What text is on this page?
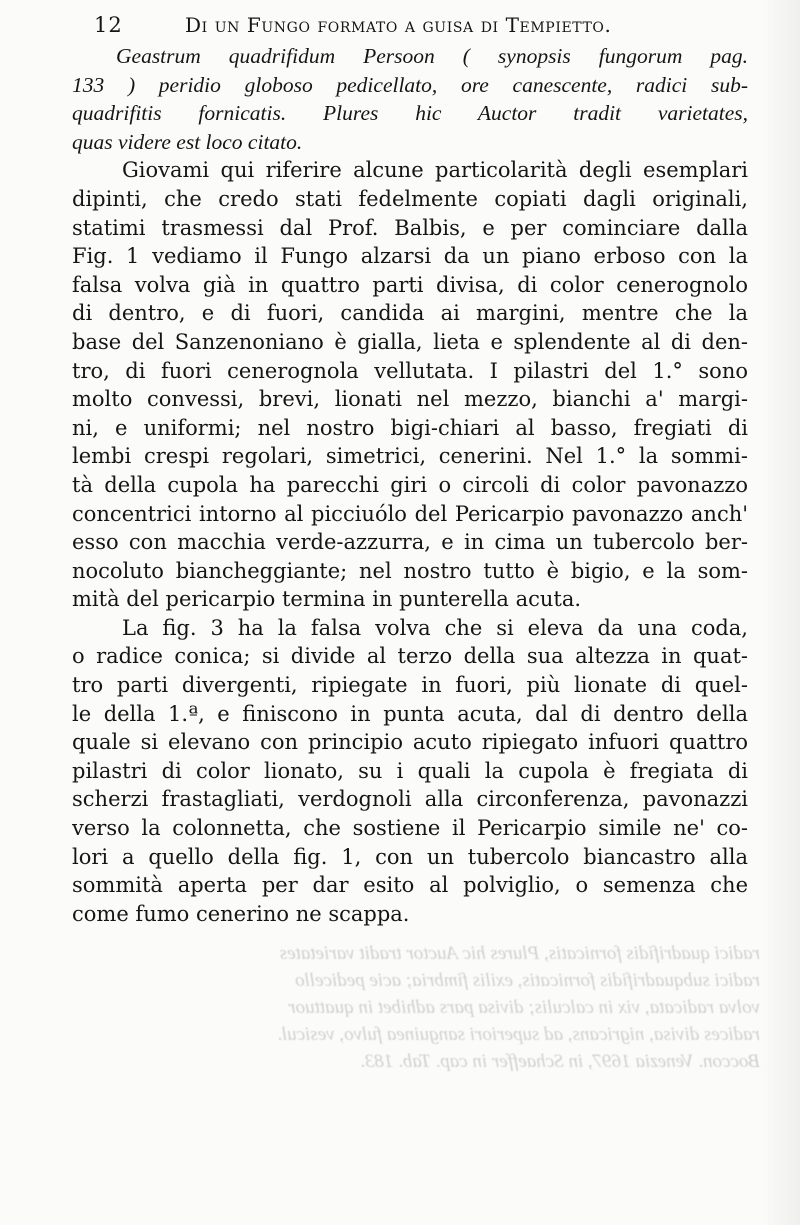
12	Di un Fungo formato a guisa di Tempietto.
Geastrum quadrifidum Persoon ( synopsis fungorum pag.
133 ) peridio globoso pedicellato, ore canescente, radici sub-
quadrifitis fornicatis. Plures hic Auctor tradit varietates,
quas videre est loco citato.
Giovami qui riferire alcune particolarità degli esemplari
dipinti, che credo stati fedelmente copiati dagli originali,
statimi trasmessi dal Prof. Balbis, e per cominciare dalla
Fig. 1 vediamo il Fungo alzarsi da un piano erboso con la
falsa volva già in quattro parti divisa, di color cenerognolo
di dentro, e di fuori, candida ai margini, mentre che la
base del Sanzenoniano è gialla, lieta e splendente al di den-
tro, di fuori cenerognola vellutata. I pilastri del 1.° sono
molto convessi, brevi, lionati nel mezzo, bianchi a' margi-
ni, e uniformi; nel nostro bigi-chiari al basso, fregiati di
lembi crespi regolari, simetrici, cenerini. Nel 1.° la sommi-
tà della cupola ha parecchi giri o circoli di color pavonazzo
concentrici intorno al picciuólo del Pericarpio pavonazzo anch'
esso con macchia verde-azzurra, e in cima un tubercolo ber-
nocoluto biancheggiante; nel nostro tutto è bigio, e la som-
mità del pericarpio termina in punterella acuta.
La fig. 3 ha la falsa volva che si eleva da una coda,
o radice conica; si divide al terzo della sua altezza in quat-
tro parti divergenti, ripiegate in fuori, più lionate di quel-
le della 1.ª, e finiscono in punta acuta, dal di dentro della
quale si elevano con principio acuto ripiegato infuori quattro
pilastri di color lionato, su i quali la cupola è fregiata di
scherzi frastagliati, verdognoli alla circonferenza, pavonazzi
verso la colonnetta, che sostiene il Pericarpio simile ne' co-
lori a quello della fig. 1, con un tubercolo biancastro alla
sommità aperta per dar esito al polviglio, o semenza che
come fumo cenerino ne scappa.
radici quadrifidis fornicatis, Plures hic Auctor tradit varietates
radici subquadrifidis fornicatis, exilis fimbria; acie pedicello
volva radicata, vix in calculis; divisa pars adhibet in quattuor
radices divisa, nigricans, ad superiori sanguinea fulvo, vesicul.
Boccon. Venezia 1697, in Schaeffer in cap. Tab. 183.
